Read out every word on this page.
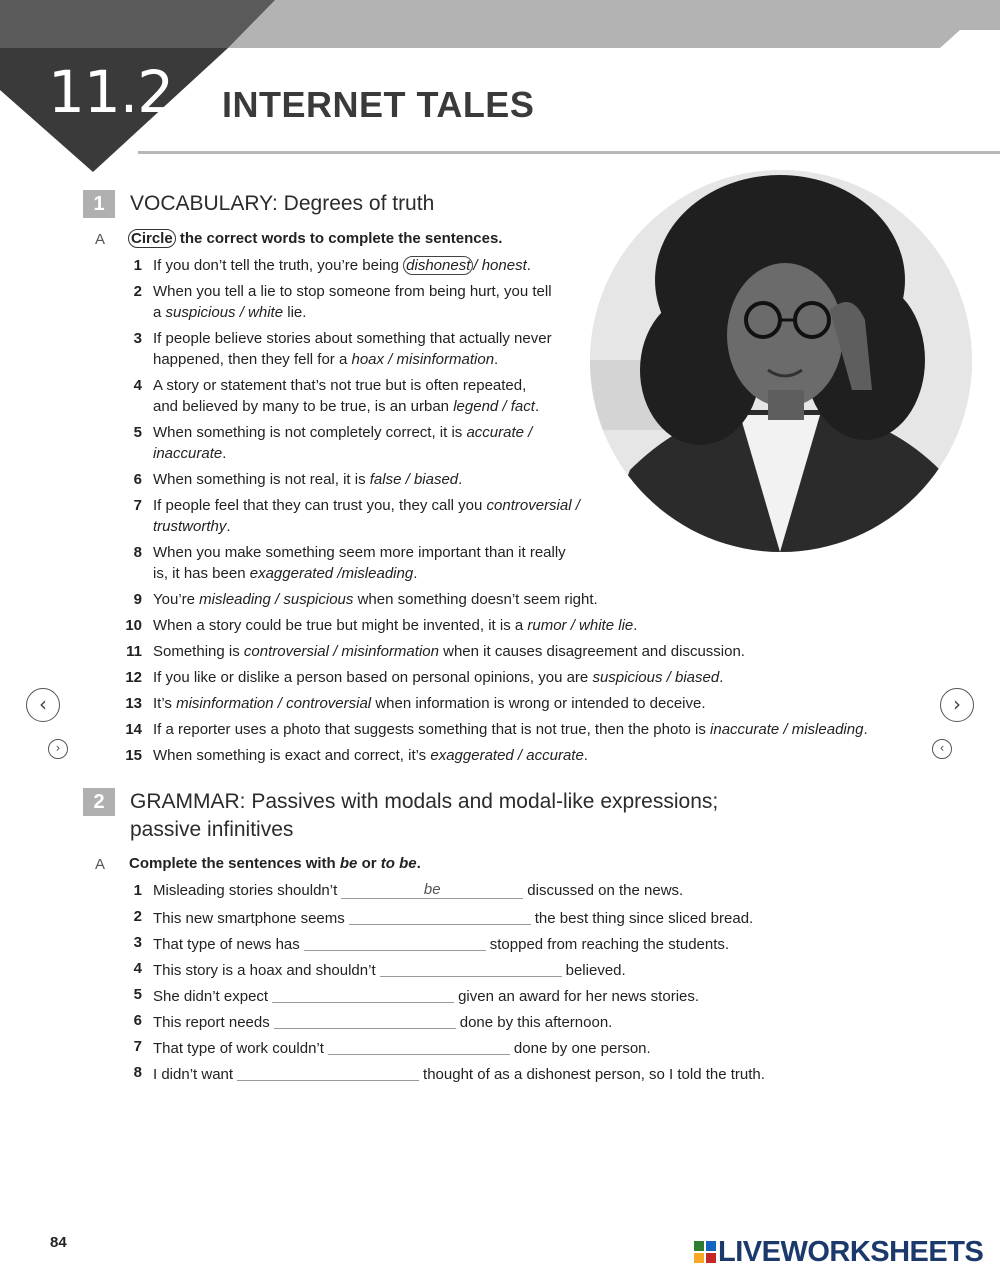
11.2 INTERNET TALES
1	VOCABULARY: Degrees of truth
A Circle the correct words to complete the sentences.
1 If you don’t tell the truth, you’re being dishonest / honest.
2 When you tell a lie to stop someone from being hurt, you tell
a suspicious / white lie.
3 If people believe stories about something that actually never
happened, then they fell for a hoax / misinformation.
4 A story or statement that’s not true but is often repeated,
and believed by many to be true, is an urban legend / fact.
5 When something is not completely correct, it is accurate /
inaccurate.
6 When something is not real, it is false / biased.
7 If people feel that they can trust you, they call you controversial /
trustworthy.
8 When you make something seem more important than it really
is, it has been exaggerated /misleading.
9 You’re misleading / suspicious when something doesn’t seem right.
10 When a story could be true but might be invented, it is a rumor / white lie.
11 Something is controversial / misinformation when it causes disagreement and discussion.
12 If you like or dislike a person based on personal opinions, you are suspicious / biased.
13 It’s misinformation / controversial when information is wrong or intended to deceive.
14 If a reporter uses a photo that suggests something that is not true, then the photo is inaccurate / misleading.
15 When something is exact and correct, it’s exaggerated / accurate.
‹
›
›
‹
2	GRAMMAR: Passives with modals and modal-like expressions;
passive infinitives
A Complete the sentences with be or to be.
1 Misleading stories shouldn’t	be	discussed on the news.
2 This new smartphone seems	the best thing since sliced bread.
3 That type of news has	stopped from reaching the students.
4 This story is a hoax and shouldn’t	believed.
5 She didn’t expect	given an award for her news stories.
6 This report needs	done by this afternoon.
7 That type of work couldn’t	done by one person.
8 I didn’t want	thought of as a dishonest person, so I told the truth.
84	LIVEWORKSHEETS
